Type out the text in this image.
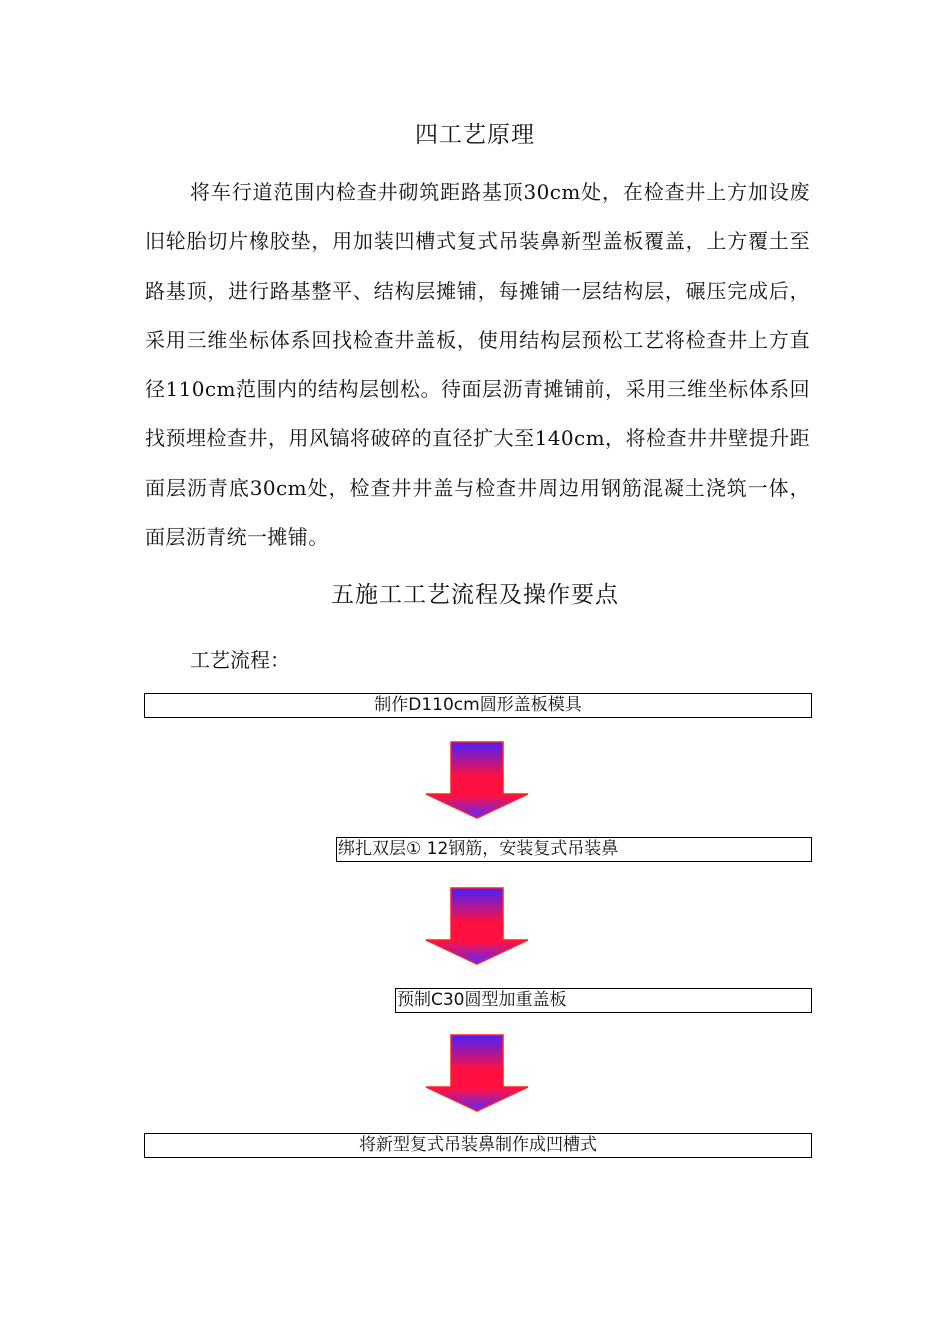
四工艺原理

将车行道范围内检查井砌筑距路基顶30cm处，在检查井上方加设废旧轮胎切片橡胶垫，用加装凹槽式复式吊装鼻新型盖板覆盖，上方覆土至路基顶，进行路基整平、结构层摊铺，每摊铺一层结构层，碾压完成后，采用三维坐标体系回找检查井盖板，使用结构层预松工艺将检查井上方直径110cm范围内的结构层刨松。待面层沥青摊铺前，采用三维坐标体系回找预埋检查井，用风镐将破碎的直径扩大至140cm，将检查井井壁提升距面层沥青底30cm处，检查井井盖与检查井周边用钢筋混凝土浇筑一体，面层沥青统一摊铺。

五施工工艺流程及操作要点

工艺流程：

制作D110cm圆形盖板模具
绑扎双层① 12钢筋，安装复式吊装鼻
预制C30圆型加重盖板
将新型复式吊装鼻制作成凹槽式
